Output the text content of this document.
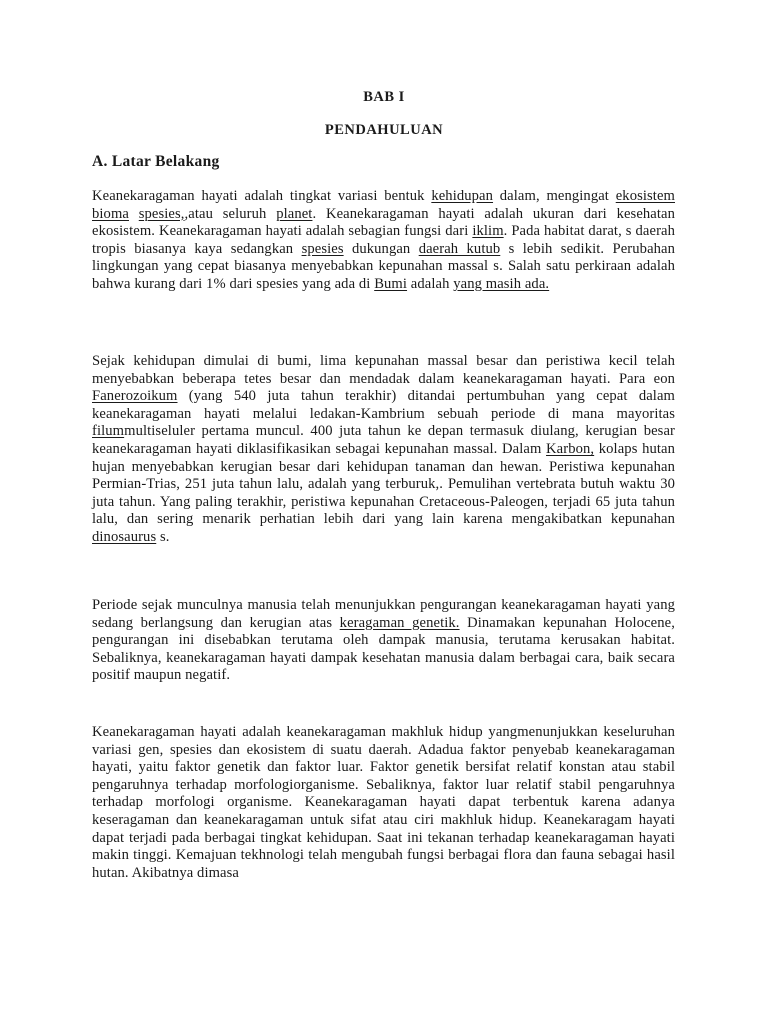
BAB I
PENDAHULUAN
A. Latar Belakang

Keanekaragaman hayati adalah tingkat variasi bentuk kehidupan dalam, mengingat ekosistem bioma spesies,,atau seluruh planet. Keanekaragaman hayati adalah ukuran dari kesehatan ekosistem. Keanekaragaman hayati adalah sebagian fungsi dari iklim. Pada habitat darat, s daerah tropis biasanya kaya sedangkan spesies dukungan daerah kutub s lebih sedikit. Perubahan lingkungan yang cepat biasanya menyebabkan kepunahan massal s. Salah satu perkiraan adalah bahwa kurang dari 1% dari spesies yang ada di Bumi adalah yang masih ada.

Sejak kehidupan dimulai di bumi, lima kepunahan massal besar dan peristiwa kecil telah menyebabkan beberapa tetes besar dan mendadak dalam keanekaragaman hayati. Para eon Fanerozoikum (yang 540 juta tahun terakhir) ditandai pertumbuhan yang cepat dalam keanekaragaman hayati melalui ledakan-Kambrium sebuah periode di mana mayoritas filummultiseluler pertama muncul. 400 juta tahun ke depan termasuk diulang, kerugian besar keanekaragaman hayati diklasifikasikan sebagai kepunahan massal. Dalam Karbon, kolaps hutan hujan menyebabkan kerugian besar dari kehidupan tanaman dan hewan. Peristiwa kepunahan Permian-Trias, 251 juta tahun lalu, adalah yang terburuk,. Pemulihan vertebrata butuh waktu 30 juta tahun. Yang paling terakhir, peristiwa kepunahan Cretaceous-Paleogen, terjadi 65 juta tahun lalu, dan sering menarik perhatian lebih dari yang lain karena mengakibatkan kepunahan dinosaurus s.

Periode sejak munculnya manusia telah menunjukkan pengurangan keanekaragaman hayati yang sedang berlangsung dan kerugian atas keragaman genetik. Dinamakan kepunahan Holocene, pengurangan ini disebabkan terutama oleh dampak manusia, terutama kerusakan habitat. Sebaliknya, keanekaragaman hayati dampak kesehatan manusia dalam berbagai cara, baik secara positif maupun negatif.

Keanekaragaman hayati adalah keanekaragaman makhluk hidup yangmenunjukkan keseluruhan variasi gen, spesies dan ekosistem di suatu daerah. Adadua faktor penyebab keanekaragaman hayati, yaitu faktor genetik dan faktor luar. Faktor genetik bersifat relatif konstan atau stabil pengaruhnya terhadap morfologiorganisme. Sebaliknya, faktor luar relatif stabil pengaruhnya terhadap morfologi organisme. Keanekaragaman hayati dapat terbentuk karena adanya keseragaman dan keanekaragaman untuk sifat atau ciri makhluk hidup. Keanekaragam hayati dapat terjadi pada berbagai tingkat kehidupan. Saat ini tekanan terhadap keanekaragaman hayati makin tinggi. Kemajuan tekhnologi telah mengubah fungsi berbagai flora dan fauna sebagai hasil hutan. Akibatnya dimasa
